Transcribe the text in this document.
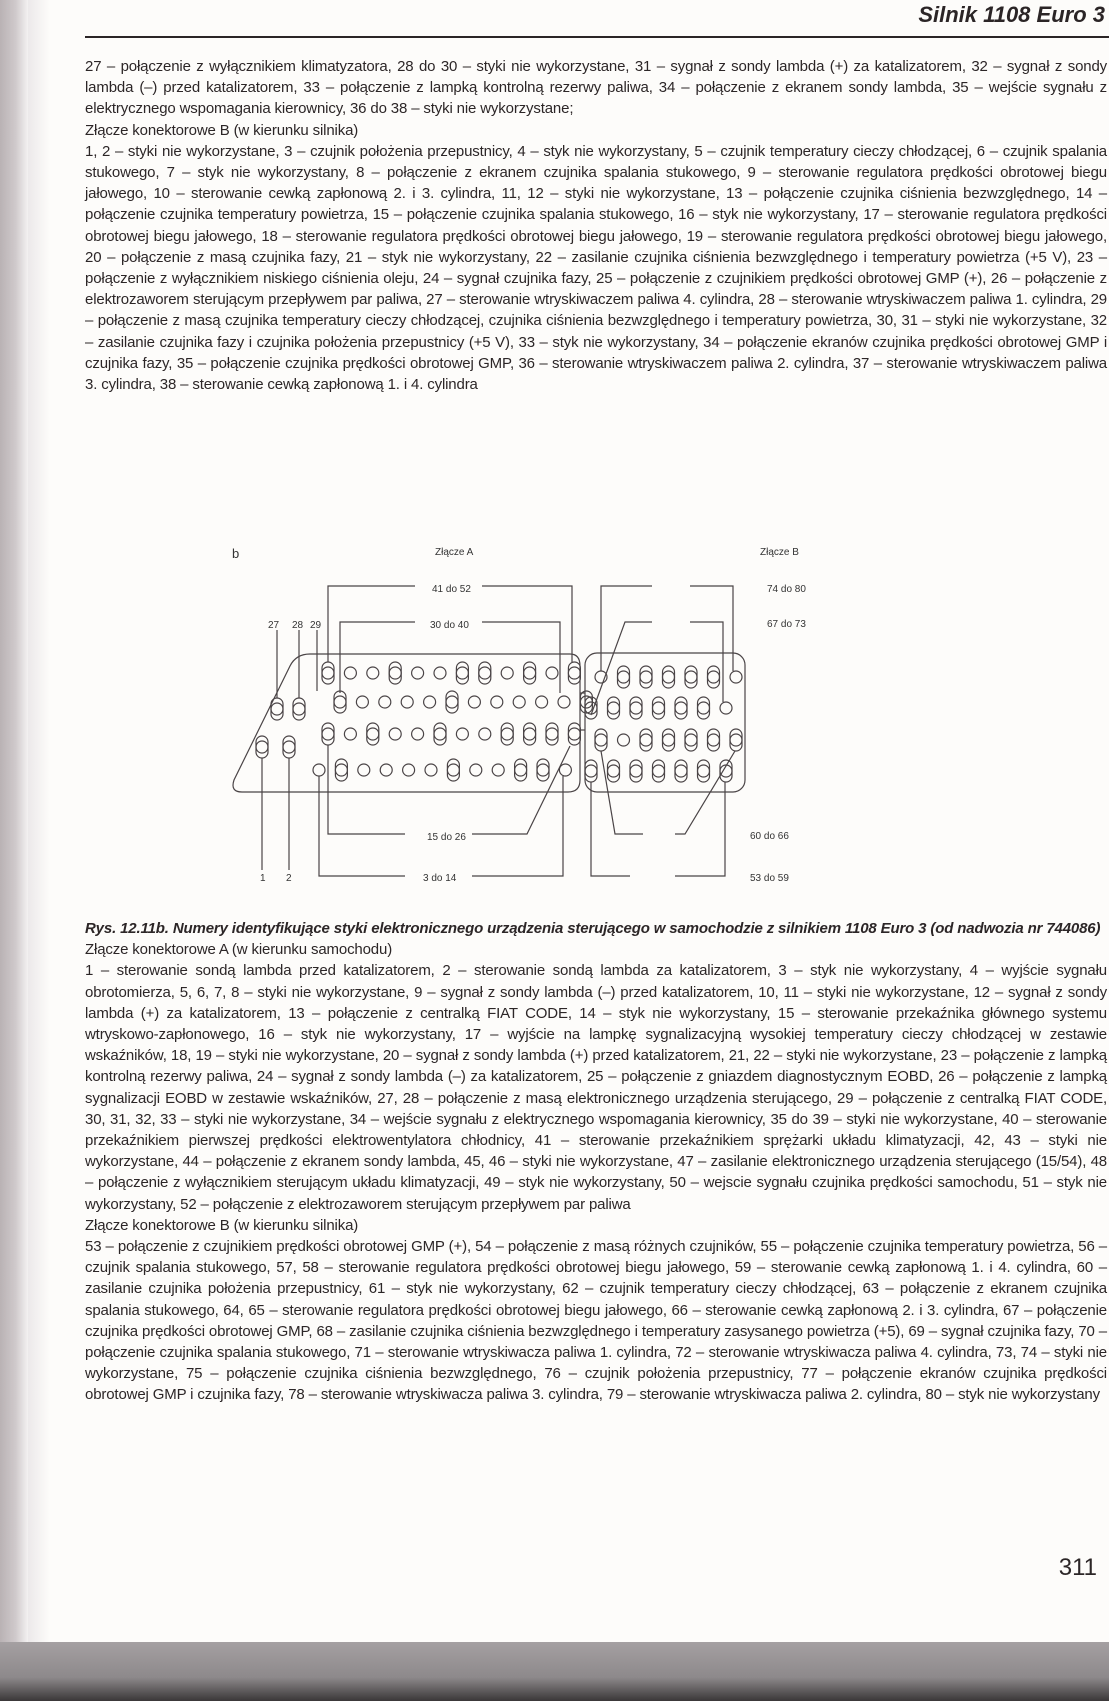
Silnik 1108 Euro 3

27 – połączenie z wyłącznikiem klimatyzatora, 28 do 30 – styki nie wykorzystane, 31 – sygnał z sondy lambda (+) za katalizatorem, 32 – sygnał z sondy lambda (–) przed katalizatorem, 33 – połączenie z lampką kontrolną rezerwy paliwa, 34 – połączenie z ekranem sondy lambda, 35 – wejście sygnału z elektrycznego wspomagania kierownicy, 36 do 38 – styki nie wykorzystane;

Złącze konektorowe B (w kierunku silnika)

1, 2 – styki nie wykorzystane, 3 – czujnik położenia przepustnicy, 4 – styk nie wykorzystany, 5 – czujnik temperatury cieczy chłodzącej, 6 – czujnik spalania stukowego, 7 – styk nie wykorzystany, 8 – połączenie z ekranem czujnika spalania stukowego, 9 – sterowanie regulatora prędkości obrotowej biegu jałowego, 10 – sterowanie cewką zapłonową 2. i 3. cylindra, 11, 12 – styki nie wykorzystane, 13 – połączenie czujnika ciśnienia bezwzględnego, 14 – połączenie czujnika temperatury powietrza, 15 – połączenie czujnika spalania stukowego, 16 – styk nie wykorzystany, 17 – sterowanie regulatora prędkości obrotowej biegu jałowego, 18 – sterowanie regulatora prędkości obrotowej biegu jałowego, 19 – sterowanie regulatora prędkości obrotowej biegu jałowego, 20 – połączenie z masą czujnika fazy, 21 – styk nie wykorzystany, 22 – zasilanie czujnika ciśnienia bezwzględnego i temperatury powietrza (+5 V), 23 – połączenie z wyłącznikiem niskiego ciśnienia oleju, 24 – sygnał czujnika fazy, 25 – połączenie z czujnikiem prędkości obrotowej GMP (+), 26 – połączenie z elektrozaworem sterującym przepływem par paliwa, 27 – sterowanie wtryskiwaczem paliwa 4. cylindra, 28 – sterowanie wtryskiwaczem paliwa 1. cylindra, 29 – połączenie z masą czujnika temperatury cieczy chłodzącej, czujnika ciśnienia bezwzględnego i temperatury powietrza, 30, 31 – styki nie wykorzystane, 32 – zasilanie czujnika fazy i czujnika położenia przepustnicy (+5 V), 33 – styk nie wykorzystany, 34 – połączenie ekranów czujnika prędkości obrotowej GMP i czujnika fazy, 35 – połączenie czujnika prędkości obrotowej GMP, 36 – sterowanie wtryskiwaczem paliwa 2. cylindra, 37 – sterowanie wtryskiwaczem paliwa 3. cylindra, 38 – sterowanie cewką zapłonową 1. i 4. cylindra

b	Złącze A	Złącze B
41 do 52
30 do 40
27 28 29
15 do 26
3 do 14
1 2
74 do 80
67 do 73
60 do 66
53 do 59

Rys. 12.11b. Numery identyfikujące styki elektronicznego urządzenia sterującego w samochodzie z silnikiem 1108 Euro 3 (od nadwozia nr 744086)

Złącze konektorowe A (w kierunku samochodu)

1 – sterowanie sondą lambda przed katalizatorem, 2 – sterowanie sondą lambda za katalizatorem, 3 – styk nie wykorzystany, 4 – wyjście sygnału obrotomierza, 5, 6, 7, 8 – styki nie wykorzystane, 9 – sygnał z sondy lambda (–) przed katalizatorem, 10, 11 – styki nie wykorzystane, 12 – sygnał z sondy lambda (+) za katalizatorem, 13 – połączenie z centralką FIAT CODE, 14 – styk nie wykorzystany, 15 – sterowanie przekaźnika głównego systemu wtryskowo-zapłonowego, 16 – styk nie wykorzystany, 17 – wyjście na lampkę sygnalizacyjną wysokiej temperatury cieczy chłodzącej w zestawie wskaźników, 18, 19 – styki nie wykorzystane, 20 – sygnał z sondy lambda (+) przed katalizatorem, 21, 22 – styki nie wykorzystane, 23 – połączenie z lampką kontrolną rezerwy paliwa, 24 – sygnał z sondy lambda (–) za katalizatorem, 25 – połączenie z gniazdem diagnostycznym EOBD, 26 – połączenie z lampką sygnalizacji EOBD w zestawie wskaźników, 27, 28 – połączenie z masą elektronicznego urządzenia sterującego, 29 – połączenie z centralką FIAT CODE, 30, 31, 32, 33 – styki nie wykorzystane, 34 – wejście sygnału z elektrycznego wspomagania kierownicy, 35 do 39 – styki nie wykorzystane, 40 – sterowanie przekaźnikiem pierwszej prędkości elektrowentylatora chłodnicy, 41 – sterowanie przekaźnikiem sprężarki układu klimatyzacji, 42, 43 – styki nie wykorzystane, 44 – połączenie z ekranem sondy lambda, 45, 46 – styki nie wykorzystane, 47 – zasilanie elektronicznego urządzenia sterującego (15/54), 48 – połączenie z wyłącznikiem sterującym układu klimatyzacji, 49 – styk nie wykorzystany, 50 – wejscie sygnału czujnika prędkości samochodu, 51 – styk nie wykorzystany, 52 – połączenie z elektrozaworem sterującym przepływem par paliwa

Złącze konektorowe B (w kierunku silnika)

53 – połączenie z czujnikiem prędkości obrotowej GMP (+), 54 – połączenie z masą różnych czujników, 55 – połączenie czujnika temperatury powietrza, 56 – czujnik spalania stukowego, 57, 58 – sterowanie regulatora prędkości obrotowej biegu jałowego, 59 – sterowanie cewką zapłonową 1. i 4. cylindra, 60 – zasilanie czujnika położenia przepustnicy, 61 – styk nie wykorzystany, 62 – czujnik temperatury cieczy chłodzącej, 63 – połączenie z ekranem czujnika spalania stukowego, 64, 65 – sterowanie regulatora prędkości obrotowej biegu jałowego, 66 – sterowanie cewką zapłonową 2. i 3. cylindra, 67 – połączenie czujnika prędkości obrotowej GMP, 68 – zasilanie czujnika ciśnienia bezwzględnego i temperatury zasysanego powietrza (+5), 69 – sygnał czujnika fazy, 70 – połączenie czujnika spalania stukowego, 71 – sterowanie wtryskiwacza paliwa 1. cylindra, 72 – sterowanie wtryskiwacza paliwa 4. cylindra, 73, 74 – styki nie wykorzystane, 75 – połączenie czujnika ciśnienia bezwzględnego, 76 – czujnik położenia przepustnicy, 77 – połączenie ekranów czujnika prędkości obrotowej GMP i czujnika fazy, 78 – sterowanie wtryskiwacza paliwa 3. cylindra, 79 – sterowanie wtryskiwacza paliwa 2. cylindra, 80 – styk nie wykorzystany

311
